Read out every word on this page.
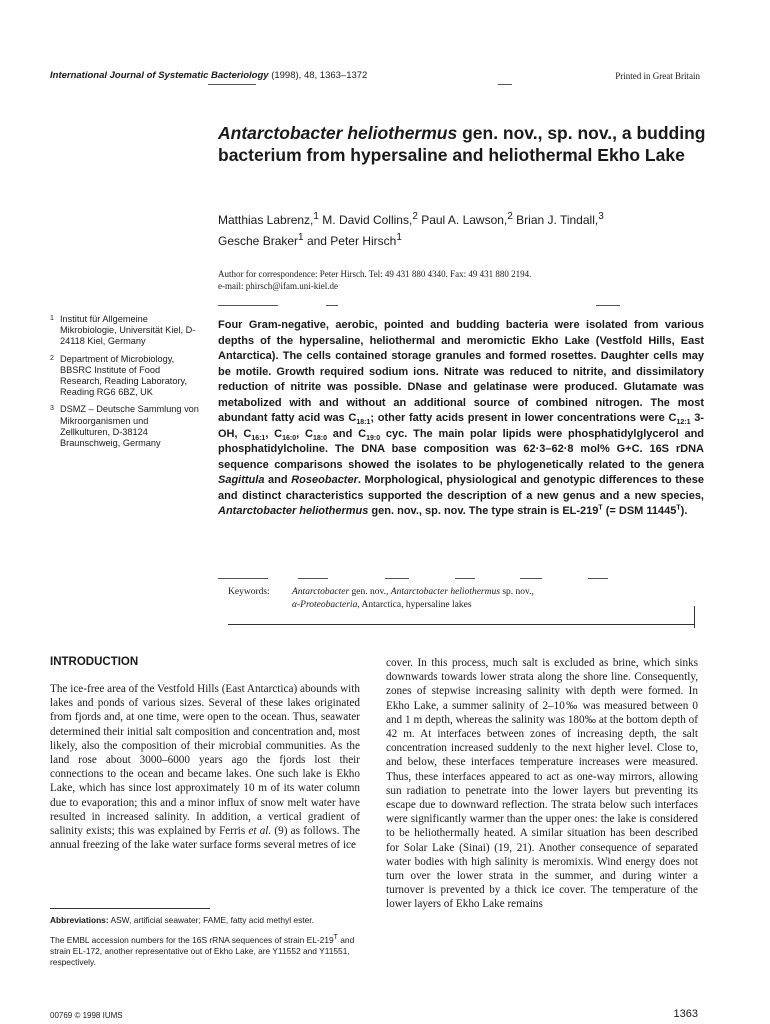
International Journal of Systematic Bacteriology (1998), 48, 1363–1372	Printed in Great Britain
Antarctobacter heliothermus gen. nov., sp. nov., a budding bacterium from hypersaline and heliothermal Ekho Lake
Matthias Labrenz,$^1$ M. David Collins,$^2$ Paul A. Lawson,$^2$ Brian J. Tindall,$^3$
Gesche Braker$^1$ and Peter Hirsch$^1$
Author for correspondence: Peter Hirsch. Tel: 49 431 880 4340. Fax: 49 431 880 2194.
e-mail: phirsch@ifam.uni-kiel.de
1 Institut für Allgemeine Mikrobiologie, Universität Kiel, D-24118 Kiel, Germany
2 Department of Microbiology, BBSRC Institute of Food Research, Reading Laboratory, Reading RG6 6BZ, UK
3 DSMZ – Deutsche Sammlung von Mikroorganismen und Zellkulturen, D-38124 Braunschweig, Germany
Four Gram-negative, aerobic, pointed and budding bacteria were isolated from various depths of the hypersaline, heliothermal and meromictic Ekho Lake (Vestfold Hills, East Antarctica). The cells contained storage granules and formed rosettes. Daughter cells may be motile. Growth required sodium ions. Nitrate was reduced to nitrite, and dissimilatory reduction of nitrite was possible. DNase and gelatinase were produced. Glutamate was metabolized with and without an additional source of combined nitrogen. The most abundant fatty acid was $C_{18:1}$; other fatty acids present in lower concentrations were $C_{12:1}$ 3-OH, $C_{16:1}$, $C_{16:0}$, $C_{18:0}$ and $C_{19:0}$ cyc. The main polar lipids were phosphatidylglycerol and phosphatidylcholine. The DNA base composition was 62·3–62·8 mol% G+C. 16S rDNA sequence comparisons showed the isolates to be phylogenetically related to the genera Sagittula and Roseobacter. Morphological, physiological and genotypic differences to these and distinct characteristics supported the description of a new genus and a new species, Antarctobacter heliothermus gen. nov., sp. nov. The type strain is $EL-219^T$ (= DSM $11445^T$).
Keywords: Antarctobacter gen. nov., Antarctobacter heliothermus sp. nov.,
α-Proteobacteria, Antarctica, hypersaline lakes
INTRODUCTION
The ice-free area of the Vestfold Hills (East Antarctica) abounds with lakes and ponds of various sizes. Several of these lakes originated from fjords and, at one time, were open to the ocean. Thus, seawater determined their initial salt composition and concentration and, most likely, also the composition of their microbial communities. As the land rose about 3000–6000 years ago the fjords lost their connections to the ocean and became lakes. One such lake is Ekho Lake, which has since lost approximately 10 m of its water column due to evaporation; this and a minor influx of snow melt water have resulted in increased salinity. In addition, a vertical gradient of salinity exists; this was explained by Ferris et al. (9) as follows. The annual freezing of the lake water surface forms several metres of ice
cover. In this process, much salt is excluded as brine, which sinks downwards towards lower strata along the shore line. Consequently, zones of stepwise increasing salinity with depth were formed. In Ekho Lake, a summer salinity of 2–10‰ was measured between 0 and 1 m depth, whereas the salinity was 180‰ at the bottom depth of 42 m. At interfaces between zones of increasing depth, the salt concentration increased suddenly to the next higher level. Close to, and below, these interfaces temperature increases were measured. Thus, these interfaces appeared to act as one-way mirrors, allowing sun radiation to penetrate into the lower layers but preventing its escape due to downward reflection. The strata below such interfaces were significantly warmer than the upper ones: the lake is considered to be heliothermally heated. A similar situation has been described for Solar Lake (Sinai) (19, 21). Another consequence of separated water bodies with high salinity is meromixis. Wind energy does not turn over the lower strata in the summer, and during winter a turnover is prevented by a thick ice cover. The temperature of the lower layers of Ekho Lake remains

Abbreviations: ASW, artificial seawater; FAME, fatty acid methyl ester.

The EMBL accession numbers for the 16S rRNA sequences of strain $EL-219^T$ and strain EL-172, another representative out of Ekho Lake, are Y11552 and Y11551, respectively.

00769 © 1998 IUMS	1363
